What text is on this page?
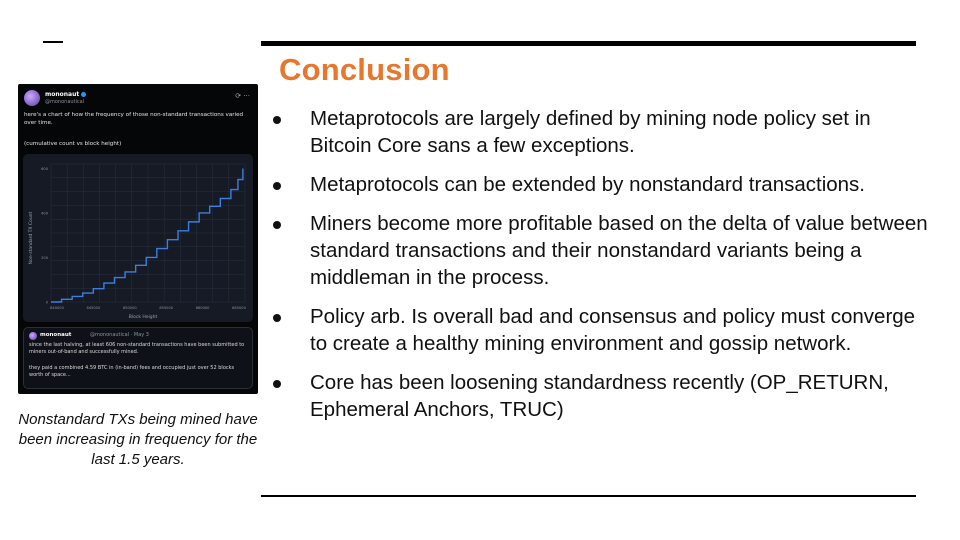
Conclusion
Metaprotocols are largely defined by mining node policy set in Bitcoin Core sans a few exceptions.
Metaprotocols can be extended by nonstandard transactions.
Miners become more profitable based on the delta of value between standard transactions and their nonstandard variants being a middleman in the process.
Policy arb. Is overall bad and consensus and policy must converge to create a healthy mining environment and gossip network.
Core has been loosening standardness recently (OP_RETURN, Ephemeral Anchors, TRUC)
mononaut
@mononautical
⟳ ···
here's a chart of how the frequency of those non-standard transactions varied over time.
(cumulative count vs block height)
840000	845000	850000	855000	860000	865000
0
200
400
600
Non-standard TX Count
Block Height
mononaut	@mononautical · May 3
since the last halving, at least 606 non-standard transactions have been submitted to miners out-of-band and successfully mined.
they paid a combined 4.59 BTC in (in-band) fees and occupied just over 52 blocks worth of space...
Nonstandard TXs being mined have been increasing in frequency for the last 1.5 years.
